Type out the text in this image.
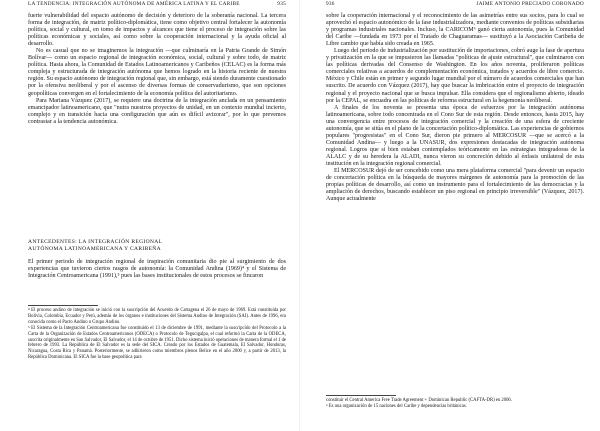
LA TENDENCIA: INTEGRACIÓN AUTÓNOMA DE AMÉRICA LATINA Y EL CARIBE	935

fuerte vulnerabilidad del espacio autónomo de decisión y deterioro de la soberanía nacional. La tercera forma de integración, de matriz político-diplomática, tiene como objetivo central fortalecer la autonomía política, social y cultural, en tomo de impactos y alcances que tiene el proceso de integración sobre las políticas económicas y sociales, así como sobre la cooperación internacional y la ayuda oficial al desarrollo.

No es casual que no se imaginemos la integración —que culminaría en la Patria Grande de Simón Bolívar— como un espacio regional de integración económica, social, cultural y sobre todo, de matriz política. Hasta ahora, la Comunidad de Estados Latinoamericanos y Caribeños (CELAC) es la forma más compleja y estructurada de integración autónoma que hemos logrado en la historia reciente de nuestra región. Su espacio autónomo de integración regional que, sin embargo, está siendo duramente cuestionado por la ofensiva neoliberal y por el ascenso de diversas formas de conservadurismo, que son opciones geopolíticas convergen en el fortalecimiento de la economía política del autoritarismo.

Para Mariana Vázquez (2017), se requiere una doctrina de la integración anclada en un pensamiento emancipador latinoamericano, que "nutra nuestros proyectos de unidad, en un contexto mundial incierto, complejo y en transición hacia una configuración que aún es difícil avizorar", por lo que prevemos contrastar a la tendencia autonómica.

ANTECEDENTES: LA INTEGRACIÓN REGIONAL

AUTÓNOMA LATINOAMERICANA Y CARIBEÑA

El primer periodo de integración regional de inspiración comunitaria dio pie al surgimiento de dos experiencias que tuvieron ciertos rasgos de autonomía: la Comunidad Andina (1969)⁴ y el Sistema de Integración Centroamericana (1991),⁵ pues las bases institucionales de estos procesos se fincaron

⁴ El proceso andino de integración se inició con la suscripción del Acuerdo de Cartagena el 26 de mayo de 1969. Está constituida por Bolivia, Colombia, Ecuador y Perú, además de los órganos e instituciones del Sistema Andino de Integración (SAI). Antes de 1996, era conocida como el Pacto Andino o Grupo Andino.

⁵ El Sistema de la Integración Centroamericana fue constituido el 13 de diciembre de 1991, mediante la suscripción del Protocolo a la Carta de la Organización de Estados Centroamericanos (ODECA) o Protocolo de Tegucigalpa, el cual reformó la Carta de la ODECA, suscrita originalmente en San Salvador, El Salvador, el 14 de octubre de 1951. Dicho sistema inició operaciones de manera formal el 1 de febrero de 1993. La República de El Salvador es la sede del SICA. Creado por los Estados de Guatemala, El Salvador, Honduras, Nicaragua, Costa Rica y Panamá. Posteriormente, se adhirieron como miembros plenos Belice en el año 2000 y, a partir de 2013, la República Dominicana. El SICA fue la base geopolítica para

936	JAIME ANTONIO PRECIADO CORONADO

sobre la cooperación internacional y el reconocimiento de las asimetrías entre sus socios, para lo cual se aprovechó el espacio autonómico de la fase industrializadora, mediante convenios de políticas subsidiarias y programas industriales nacionales. Incluso, la CARICOM⁶ ganó cierta autonomía, pues la Comunidad del Caribe —fundada en 1973 por el Tratado de Chaguaramas— sustituyó a la Asociación Caribeña de Libre cambio que había sido creada en 1965.

Luego del periodo de industrialización por sustitución de importaciones, cobró auge la fase de apertura y privatización en la que se impusieron las llamadas "políticas de ajuste estructural", que culminaron con las políticas derivadas del Consenso de Washington. En los años noventa, proliferaron políticas comerciales relativas a acuerdos de complementación económica, tratados y acuerdos de libre comercio. México y Chile están en primer y segundo lugar mundial por el número de acuerdos comerciales que han suscrito. De acuerdo con Vázquez (2017), hay que buscar la imbricación entre el proyecto de integración regional y el proyecto nacional que se busca impulsar. Ella considera que el regionalismo abierto, ideado por la CEPAL, se encuadra en las políticas de reforma estructural en la hegemonía neoliberal.

A finales de los noventa se presenta una época de esfuerzos por la integración autónoma latinoamericana, sobre todo concentrada en el Cono Sur de esta región. Desde entonces, hasta 2015, hay una convergencia entre procesos de integración comercial y la creación de una esfera de creciente autonomía, que se sitúa en el plano de la concertación político-diplomática. Las experiencias de gobiernos populares "progresistas" en el Cono Sur, dieron pie primero al MERCOSUR —que se acercó a la Comunidad Andina— y luego a la UNASUR, dos expresiones destacadas de integración autónoma regional. Logros que si bien estaban contemplados teóricamente en las estrategias integradoras de la ALALC y de su heredera la ALADI, nunca vieron su concreción debido al énfasis unilateral de esta institución en la integración regional comercial.

El MERCOSUR dejó de ser concebido como una mera plataforma comercial "para devenir un espacio de concertación política en la búsqueda de mayores márgenes de autonomía para la promoción de las propias políticas de desarrollo, así como un instrumento para el fortalecimiento de las democracias y la ampliación de derechos, buscando establecer un piso regional en principio irreversible" (Vázquez, 2017). Aunque actualmente

constituir el Central America Free Trade Agreement + Dominican Republic (CAFTA-DR) en 2006.

⁶ Es una organización de 15 naciones del Caribe y dependencias británicas.
